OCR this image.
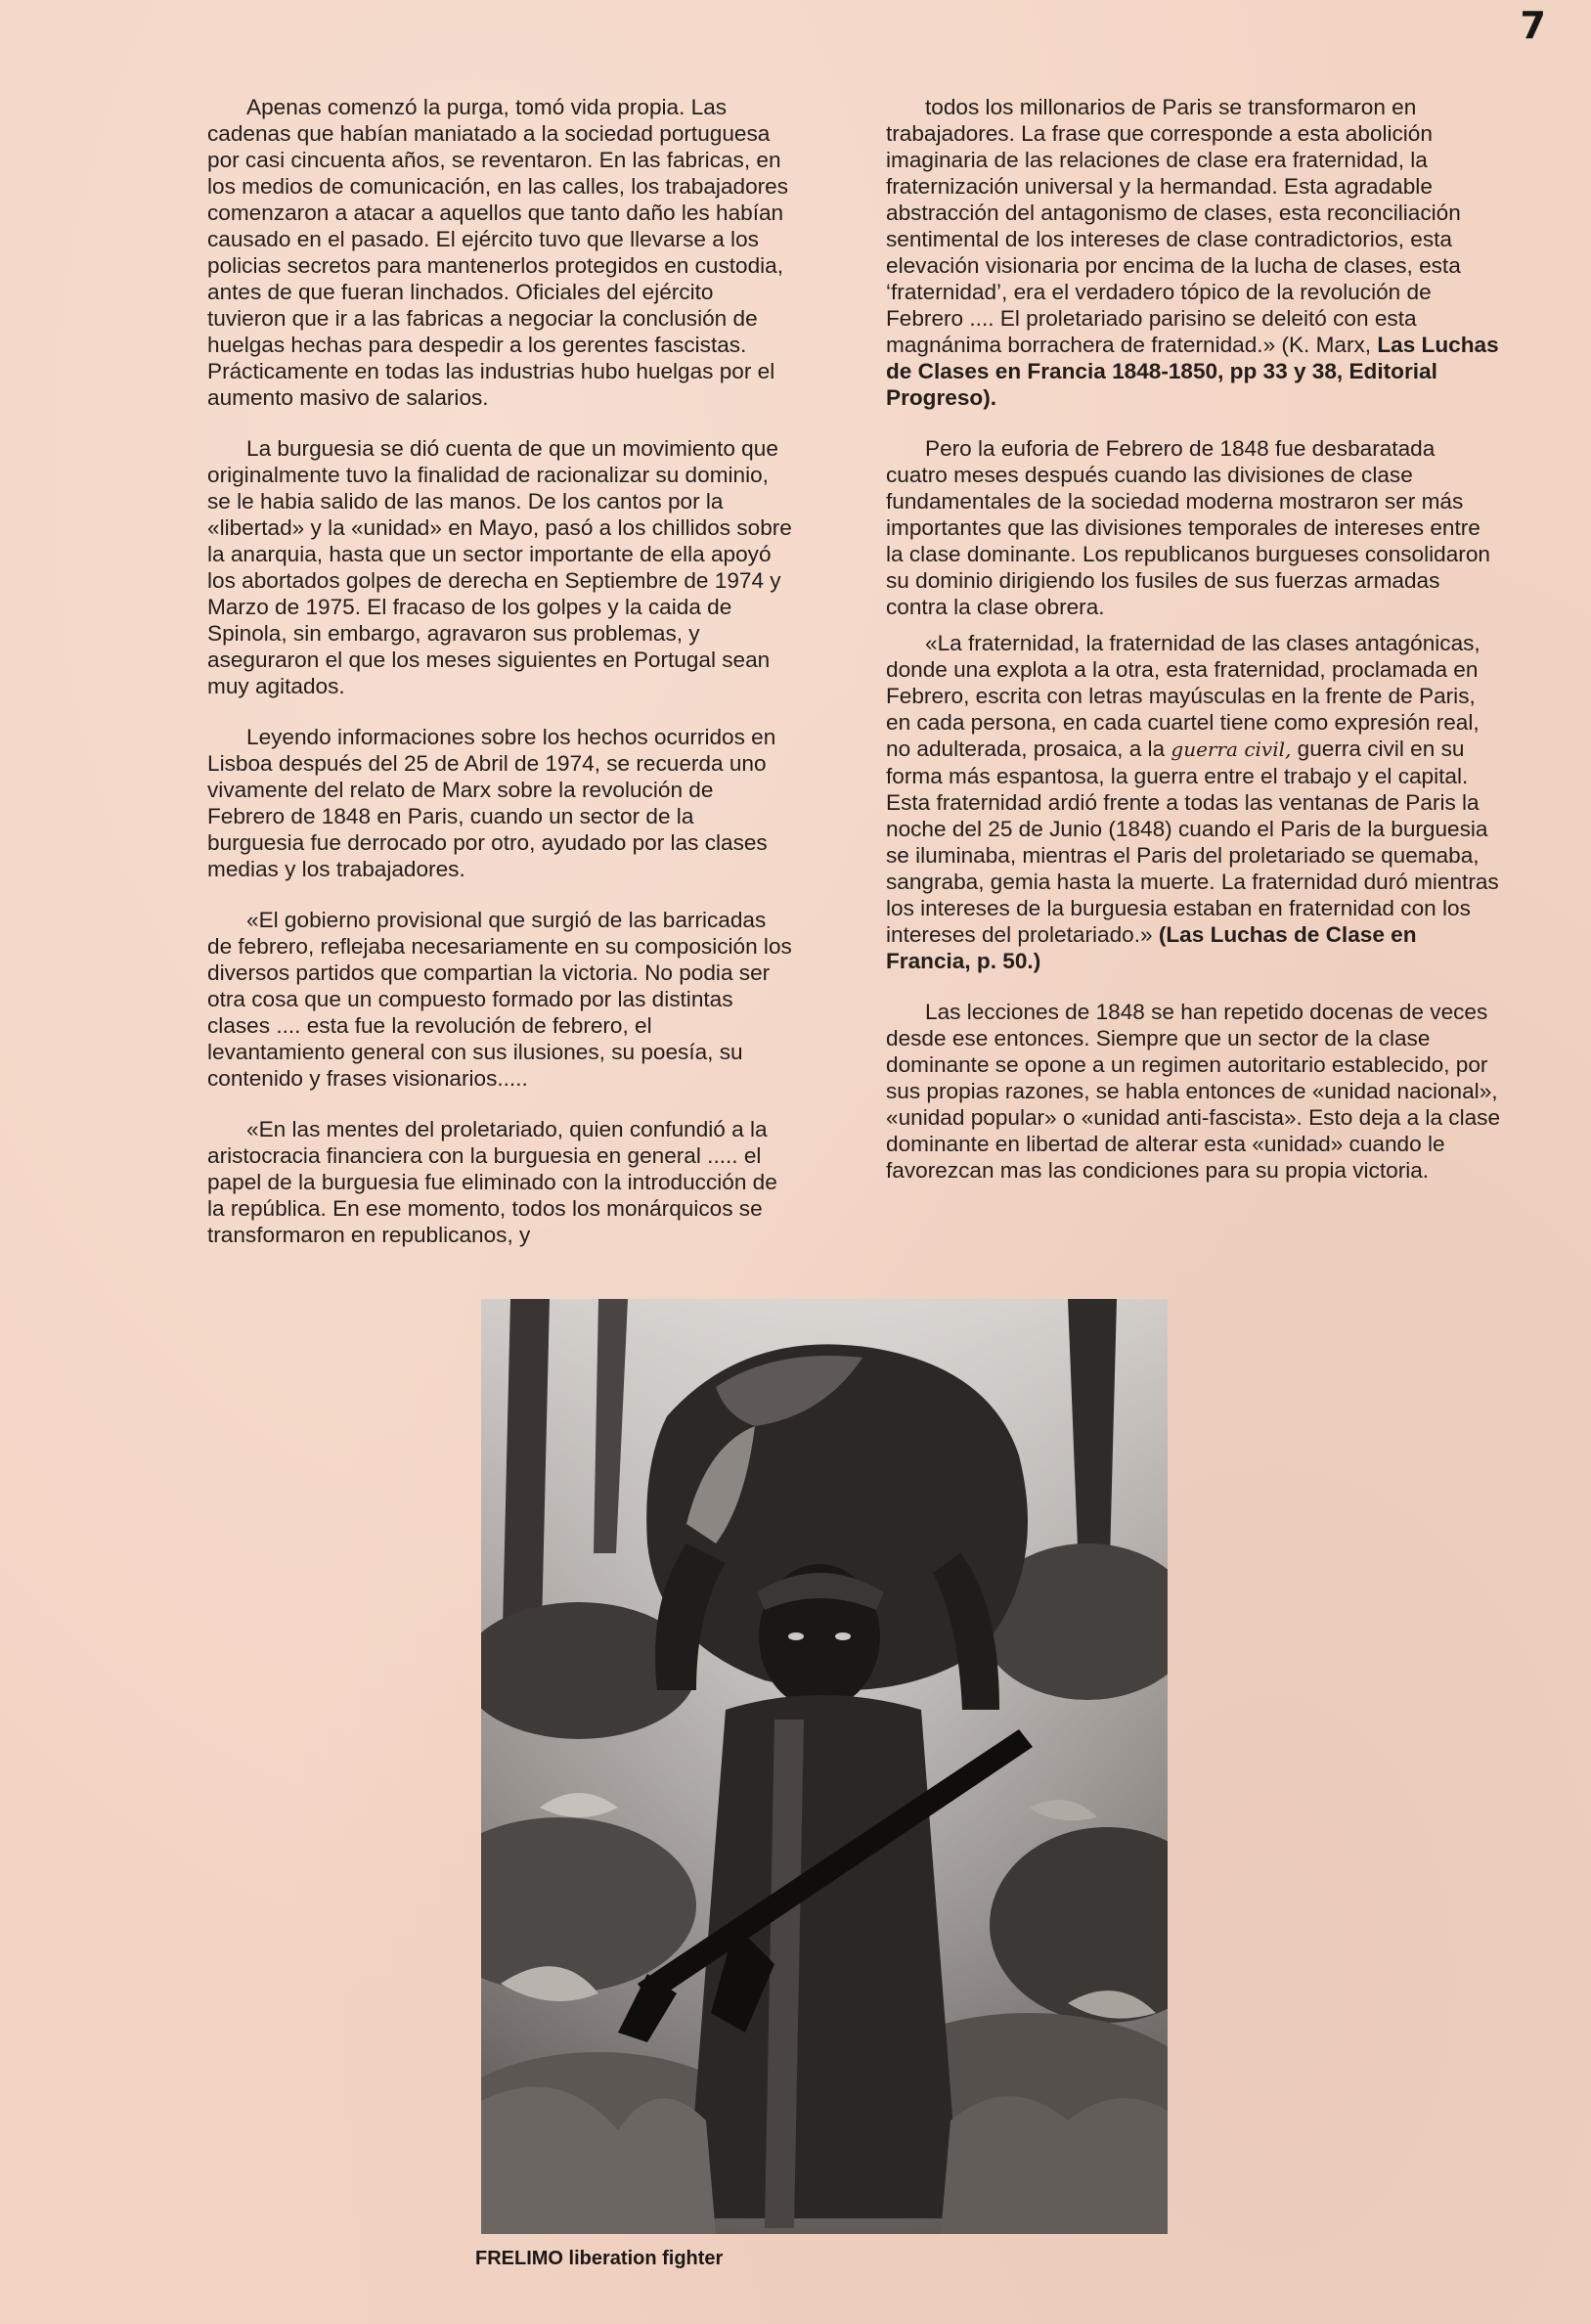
7

Apenas comenzó la purga, tomó vida propia. Las cadenas que habían maniatado a la sociedad portuguesa por casi cincuenta años, se reventaron. En las fabricas, en los medios de comunicación, en las calles, los trabajadores comenzaron a atacar a aquellos que tanto daño les habían causado en el pasado. El ejército tuvo que llevarse a los policias secretos para mantenerlos protegidos en custodia, antes de que fueran linchados. Oficiales del ejército tuvieron que ir a las fabricas a negociar la conclusión de huelgas hechas para despedir a los gerentes fascistas. Prácticamente en todas las industrias hubo huelgas por el aumento masivo de salarios.

La burguesia se dió cuenta de que un movimiento que originalmente tuvo la finalidad de racionalizar su dominio, se le habia salido de las manos. De los cantos por la «libertad» y la «unidad» en Mayo, pasó a los chillidos sobre la anarquia, hasta que un sector importante de ella apoyó los abortados golpes de derecha en Septiembre de 1974 y Marzo de 1975. El fracaso de los golpes y la caida de Spinola, sin embargo, agravaron sus problemas, y aseguraron el que los meses siguientes en Portugal sean muy agitados.

Leyendo informaciones sobre los hechos ocurridos en Lisboa después del 25 de Abril de 1974, se recuerda uno vivamente del relato de Marx sobre la revolución de Febrero de 1848 en Paris, cuando un sector de la burguesia fue derrocado por otro, ayudado por las clases medias y los trabajadores.

«El gobierno provisional que surgió de las barricadas de febrero, reflejaba necesariamente en su composición los diversos partidos que compartian la victoria. No podia ser otra cosa que un compuesto formado por las distintas clases .... esta fue la revolución de febrero, el levantamiento general con sus ilusiones, su poesía, su contenido y frases visionarios.....

«En las mentes del proletariado, quien confundió a la aristocracia financiera con la burguesia en general ..... el papel de la burguesia fue eliminado con la introducción de la república. En ese momento, todos los monárquicos se transformaron en republicanos, y

todos los millonarios de Paris se transformaron en trabajadores. La frase que corresponde a esta abolición imaginaria de las relaciones de clase era fraternidad, la fraternización universal y la hermandad. Esta agradable abstracción del antagonismo de clases, esta reconciliación sentimental de los intereses de clase contradictorios, esta elevación visionaria por encima de la lucha de clases, esta ‘fraternidad’, era el verdadero tópico de la revolución de Febrero .... El proletariado parisino se deleitó con esta magnánima borrachera de fraternidad.» (K. Marx, Las Luchas de Clases en Francia 1848-1850, pp 33 y 38, Editorial Progreso).

Pero la euforia de Febrero de 1848 fue desbaratada cuatro meses después cuando las divisiones de clase fundamentales de la sociedad moderna mostraron ser más importantes que las divisiones temporales de intereses entre la clase dominante. Los republicanos burgueses consolidaron su dominio dirigiendo los fusiles de sus fuerzas armadas contra la clase obrera.

«La fraternidad, la fraternidad de las clases antagónicas, donde una explota a la otra, esta fraternidad, proclamada en Febrero, escrita con letras mayúsculas en la frente de Paris, en cada persona, en cada cuartel tiene como expresión real, no adulterada, prosaica, a la guerra civil, guerra civil en su forma más espantosa, la guerra entre el trabajo y el capital. Esta fraternidad ardió frente a todas las ventanas de Paris la noche del 25 de Junio (1848) cuando el Paris de la burguesia se iluminaba, mientras el Paris del proletariado se quemaba, sangraba, gemia hasta la muerte. La fraternidad duró mientras los intereses de la burguesia estaban en fraternidad con los intereses del proletariado.» (Las Luchas de Clase en Francia, p. 50.)

Las lecciones de 1848 se han repetido docenas de veces desde ese entonces. Siempre que un sector de la clase dominante se opone a un regimen autoritario establecido, por sus propias razones, se habla entonces de «unidad nacional», «unidad popular» o «unidad anti-fascista». Esto deja a la clase dominante en libertad de alterar esta «unidad» cuando le favorezcan mas las condiciones para su propia victoria.

FRELIMO liberation fighter
